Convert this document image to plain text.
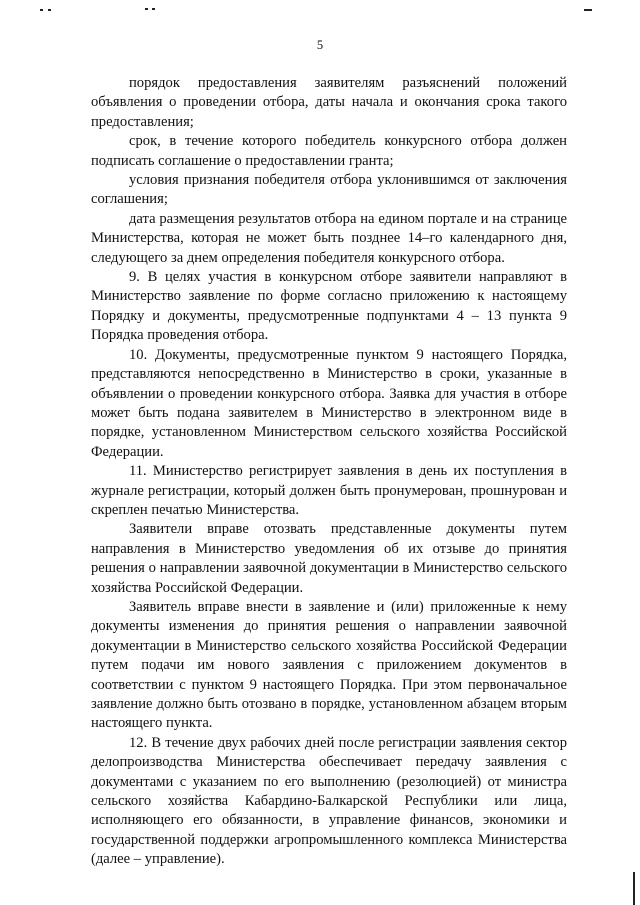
5

порядок предоставления заявителям разъяснений положений объявления о проведении отбора, даты начала и окончания срока такого предоставления;

срок, в течение которого победитель конкурсного отбора должен подписать соглашение о предоставлении гранта;

условия признания победителя отбора уклонившимся от заключения соглашения;

дата размещения результатов отбора на едином портале и на странице Министерства, которая не может быть позднее 14–го календарного дня, следующего за днем определения победителя конкурсного отбора.

9. В целях участия в конкурсном отборе заявители направляют в Министерство заявление по форме согласно приложению к настоящему Порядку и документы, предусмотренные подпунктами 4 – 13 пункта 9 Порядка проведения отбора.

10. Документы, предусмотренные пунктом 9 настоящего Порядка, представляются непосредственно в Министерство в сроки, указанные в объявлении о проведении конкурсного отбора. Заявка для участия в отборе может быть подана заявителем в Министерство в электронном виде в порядке, установленном Министерством сельского хозяйства Российской Федерации.

11. Министерство регистрирует заявления в день их поступления в журнале регистрации, который должен быть пронумерован, прошнурован и скреплен печатью Министерства.

Заявители вправе отозвать представленные документы путем направления в Министерство уведомления об их отзыве до принятия решения о направлении заявочной документации в Министерство сельского хозяйства Российской Федерации.

Заявитель вправе внести в заявление и (или) приложенные к нему документы изменения до принятия решения о направлении заявочной документации в Министерство сельского хозяйства Российской Федерации путем подачи им нового заявления с приложением документов в соответствии с пунктом 9 настоящего Порядка. При этом первоначальное заявление должно быть отозвано в порядке, установленном абзацем вторым настоящего пункта.

12. В течение двух рабочих дней после регистрации заявления сектор делопроизводства Министерства обеспечивает передачу заявления с документами с указанием по его выполнению (резолюцией) от министра сельского хозяйства Кабардино-Балкарской Республики или лица, исполняющего его обязанности, в управление финансов, экономики и государственной поддержки агропромышленного комплекса Министерства (далее – управление).
